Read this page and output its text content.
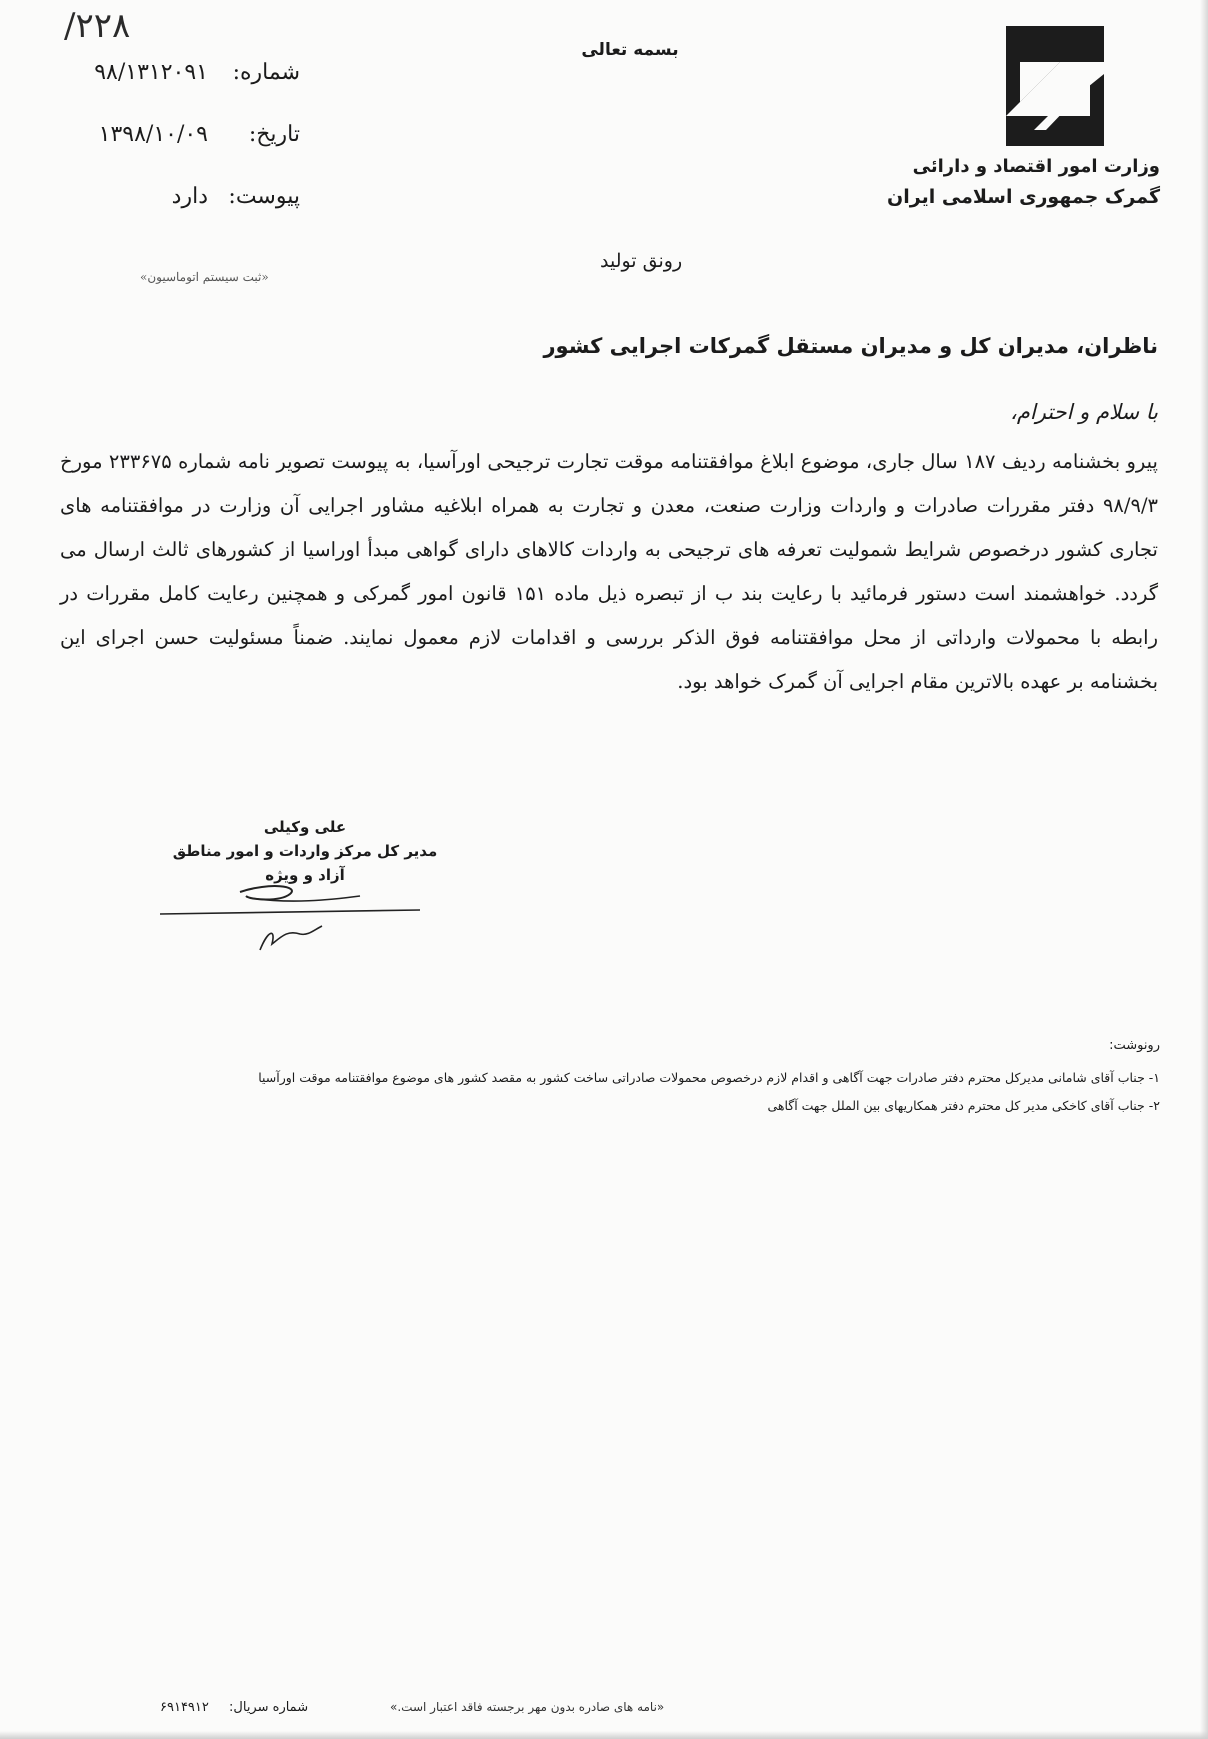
وزارت امور اقتصاد و دارائی
گمرک جمهوری اسلامی ایران
بسمه تعالی
۲۲۸/
شماره:
۹۸/۱۳۱۲۰۹۱
تاریخ:
۱۳۹۸/۱۰/۰۹
پیوست:
دارد
«ثبت سیستم اتوماسیون»
رونق تولید
ناظران، مدیران کل و مدیران مستقل گمرکات اجرایی کشور
با سلام و احترام،

پیرو بخشنامه ردیف ۱۸۷ سال جاری، موضوع ابلاغ موافقتنامه موقت تجارت ترجیحی اورآسیا، به پیوست تصویر نامه شماره ۲۳۳۶۷۵ مورخ ۹۸/۹/۳ دفتر مقررات صادرات و واردات وزارت صنعت، معدن و تجارت به همراه ابلاغیه مشاور اجرایی آن وزارت در موافقتنامه های تجاری کشور درخصوص شرایط شمولیت تعرفه های ترجیحی به واردات کالاهای دارای گواهی مبدأ اوراسیا از کشورهای ثالث ارسال می گردد. خواهشمند است دستور فرمائید با رعایت بند ب از تبصره ذیل ماده ۱۵۱ قانون امور گمرکی و همچنین رعایت کامل مقررات در رابطه با محمولات وارداتی از محل موافقتنامه فوق الذکر بررسی و اقدامات لازم معمول نمایند. ضمناً مسئولیت حسن اجرای این بخشنامه بر عهده بالاترین مقام اجرایی آن گمرک خواهد بود.

علی وکیلی
مدیر کل مرکز واردات و امور مناطق آزاد و ویژه
رونوشت:
۱- جناب آقای شامانی مدیرکل محترم دفتر صادرات جهت آگاهی و اقدام لازم درخصوص محمولات صادراتی ساخت کشور به مقصد کشور های موضوع موافقتنامه موقت اورآسیا
۲- جناب آقای کاخکی مدیر کل محترم دفتر همکاریهای بین الملل جهت آگاهی
«نامه های صادره بدون مهر برجسته فاقد اعتبار است.»
شماره سریال: ۶۹۱۴۹۱۲
